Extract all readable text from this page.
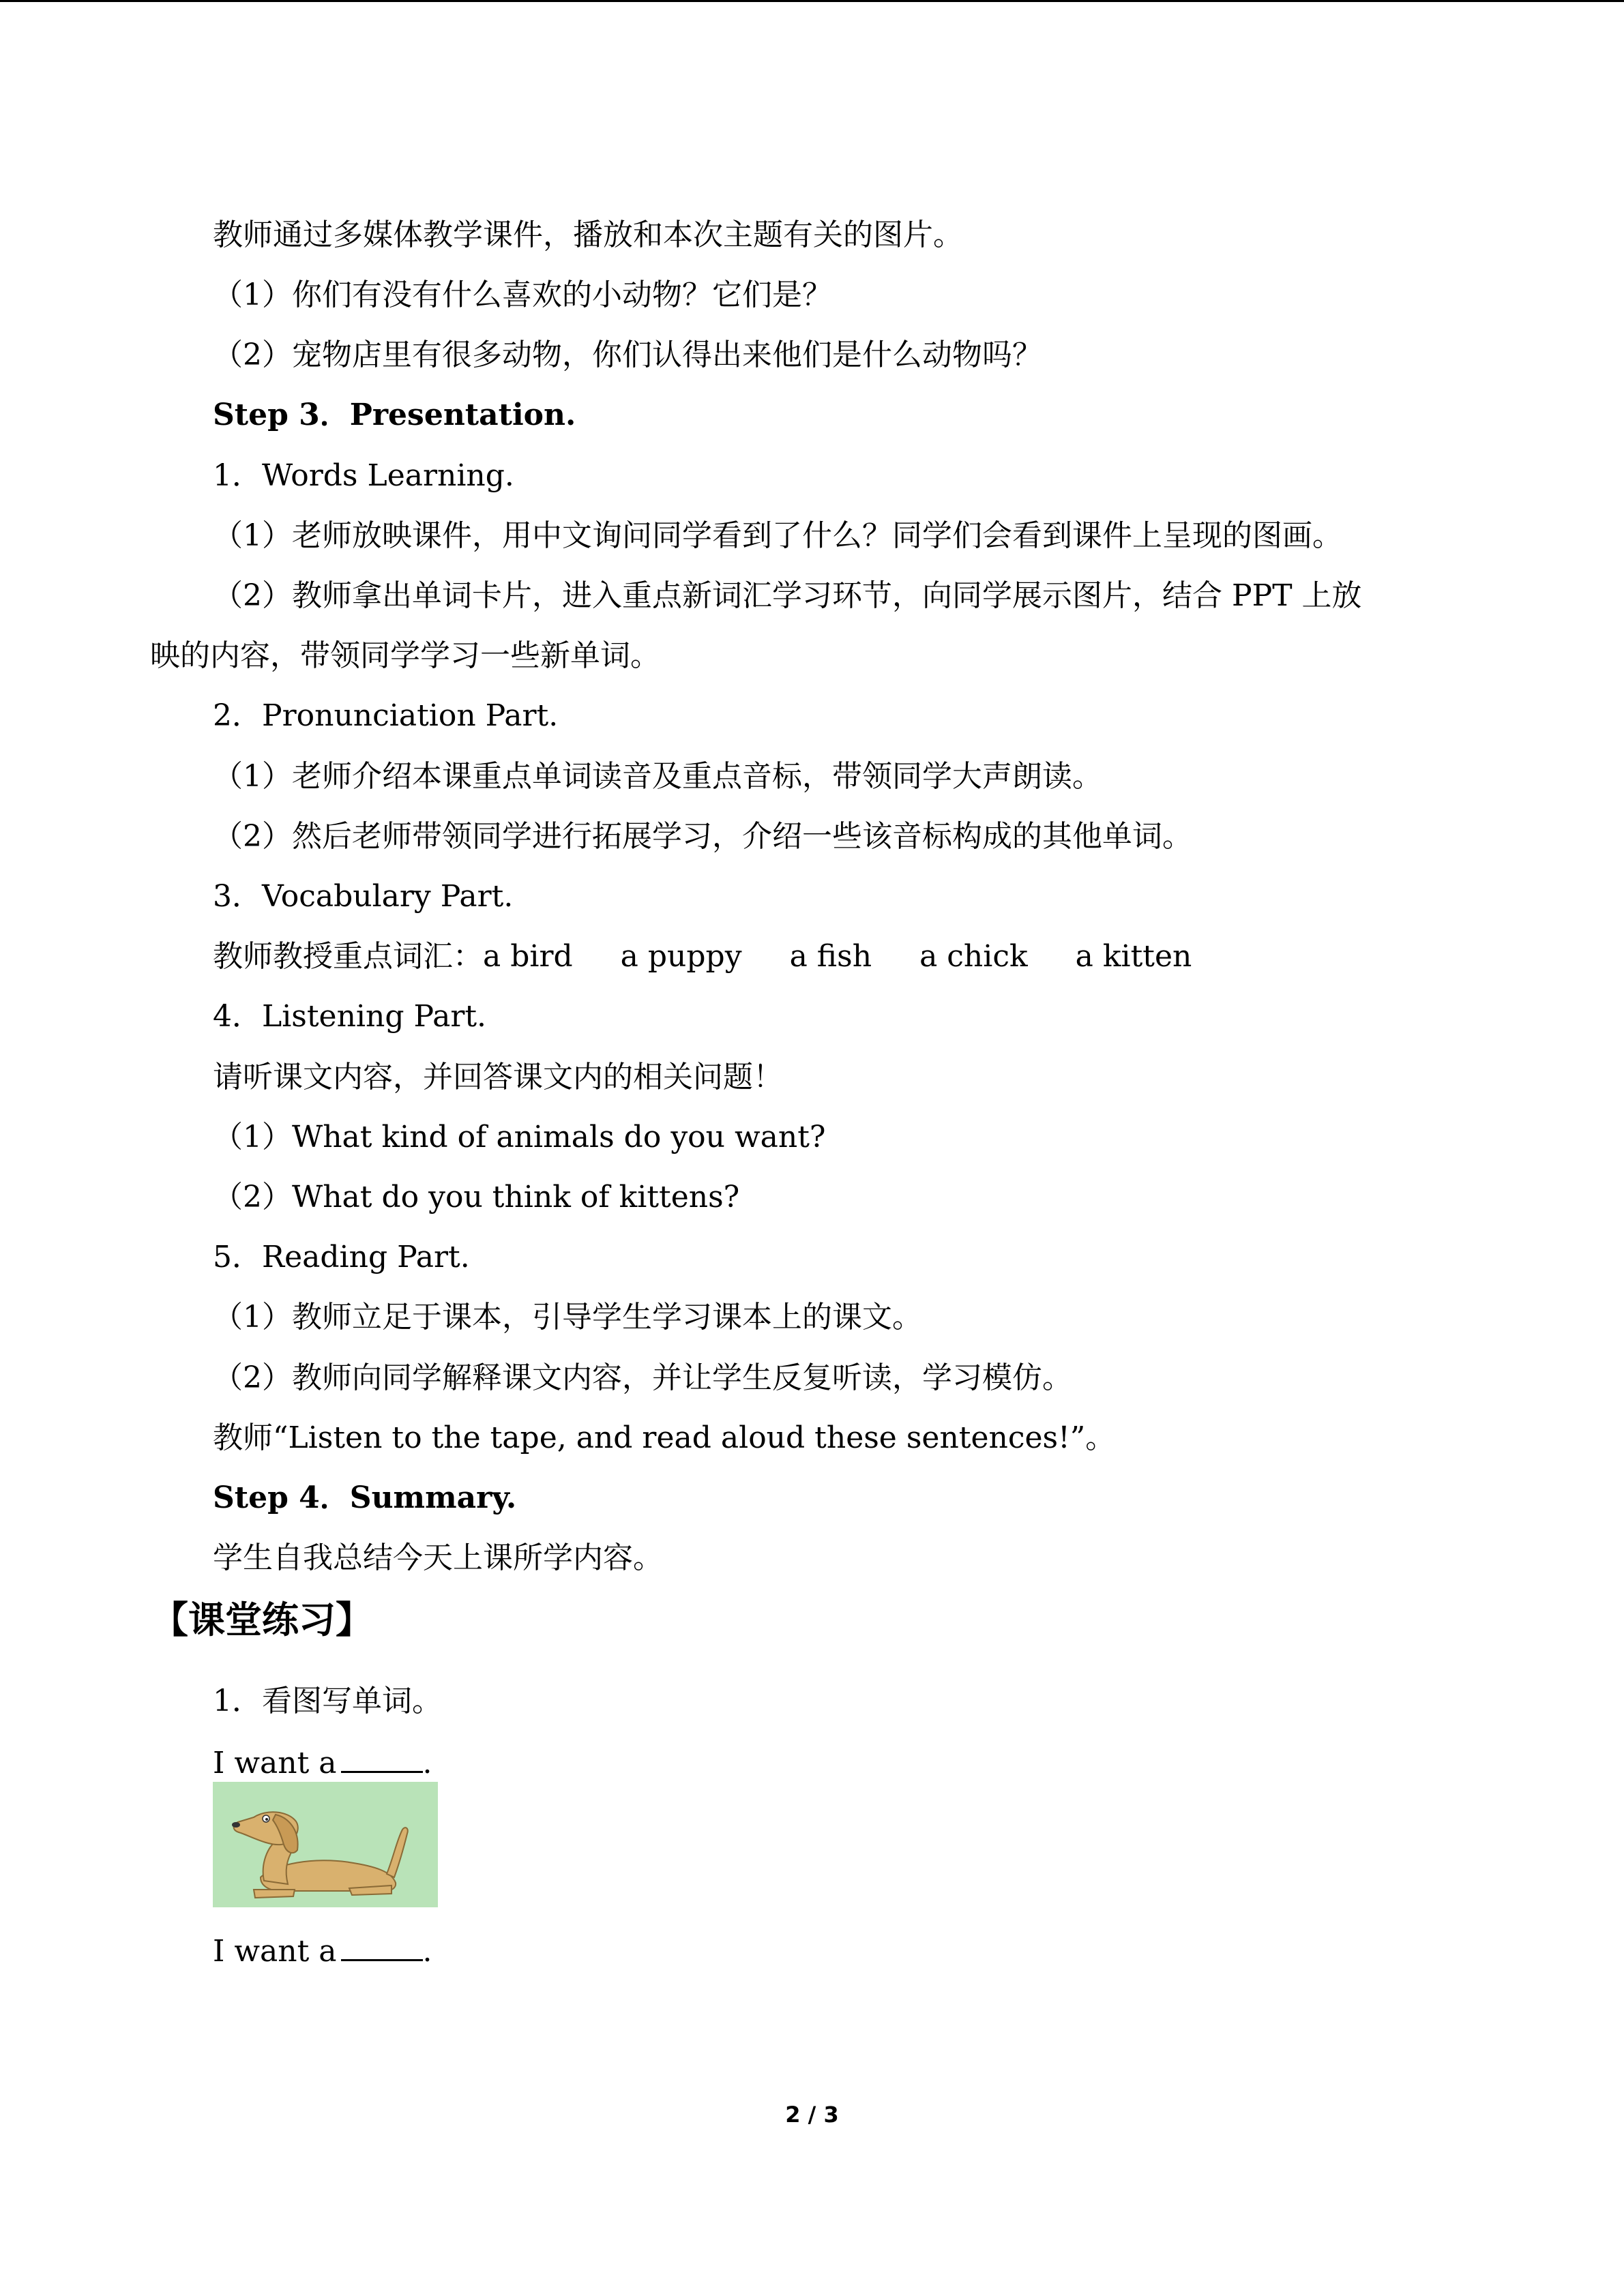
教师通过多媒体教学课件，播放和本次主题有关的图片。
（1）你们有没有什么喜欢的小动物？它们是？
（2）宠物店里有很多动物，你们认得出来他们是什么动物吗？
Step 3．Presentation.
1．Words Learning.
（1）老师放映课件，用中文询问同学看到了什么？同学们会看到课件上呈现的图画。
（2）教师拿出单词卡片，进入重点新词汇学习环节，向同学展示图片，结合 PPT 上放
映的内容，带领同学学习一些新单词。
2．Pronunciation Part.
（1）老师介绍本课重点单词读音及重点音标，带领同学大声朗读。
（2）然后老师带领同学进行拓展学习，介绍一些该音标构成的其他单词。
3．Vocabulary Part.
教师教授重点词汇：a bird a puppy a fish a chick a kitten
4．Listening Part.
请听课文内容，并回答课文内的相关问题！
（1）What kind of animals do you want?
（2）What do you think of kittens?
5．Reading Part.
（1）教师立足于课本，引导学生学习课本上的课文。
（2）教师向同学解释课文内容，并让学生反复听读，学习模仿。
教师“Listen to the tape, and read aloud these sentences!”。
Step 4．Summary.
学生自我总结今天上课所学内容。
【课堂练习】
1．看图写单词。
I want a	.
I want a	.
2 / 3
